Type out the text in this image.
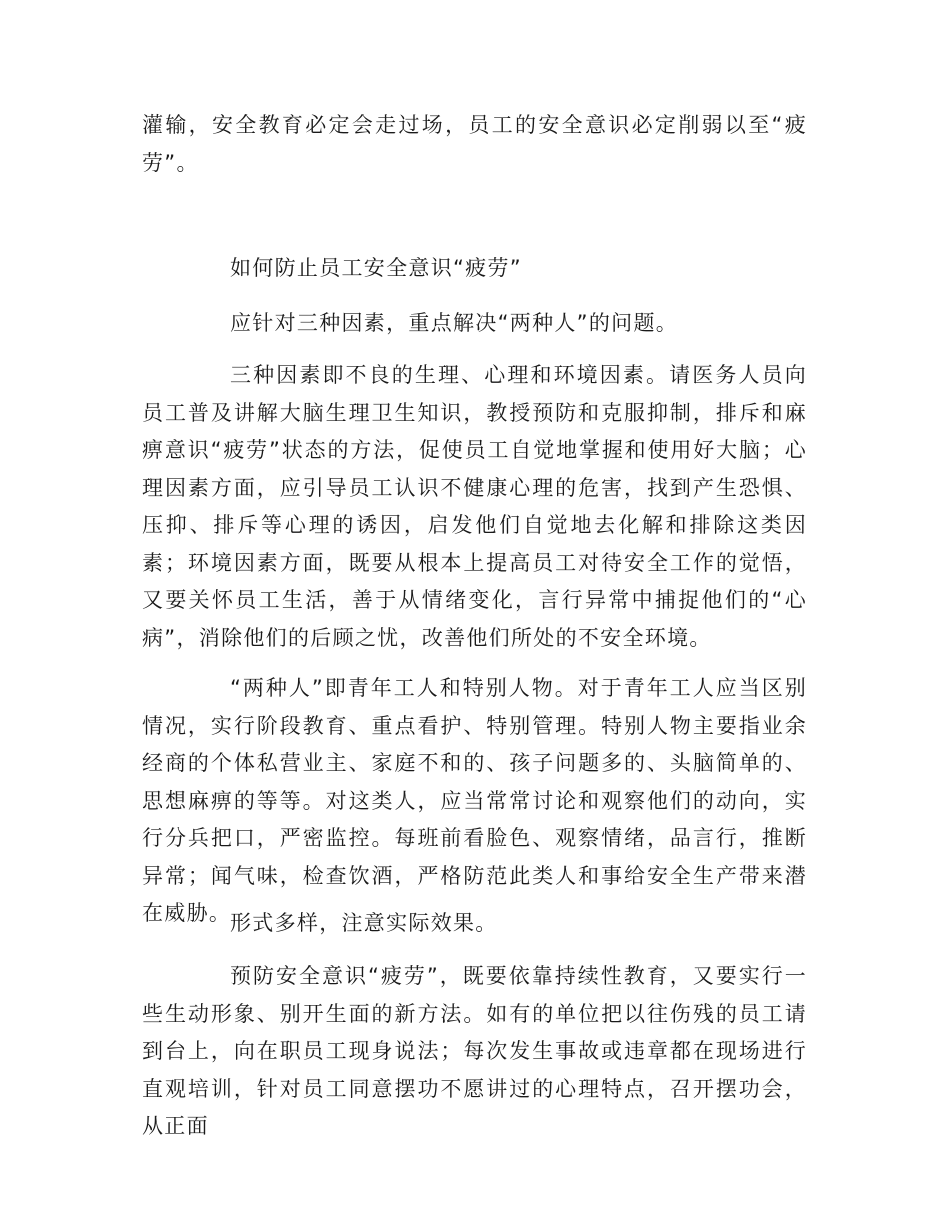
灌输，安全教育必定会走过场，员工的安全意识必定削弱以至“疲劳”。

如何防止员工安全意识“疲劳”

应针对三种因素，重点解决“两种人”的问题。

三种因素即不良的生理、心理和环境因素。请医务人员向员工普及讲解大脑生理卫生知识，教授预防和克服抑制，排斥和麻痹意识“疲劳”状态的方法，促使员工自觉地掌握和使用好大脑；心理因素方面，应引导员工认识不健康心理的危害，找到产生恐惧、压抑、排斥等心理的诱因，启发他们自觉地去化解和排除这类因素；环境因素方面，既要从根本上提高员工对待安全工作的觉悟，又要关怀员工生活，善于从情绪变化，言行异常中捕捉他们的“心病”，消除他们的后顾之忧，改善他们所处的不安全环境。

“两种人”即青年工人和特别人物。对于青年工人应当区别情况，实行阶段教育、重点看护、特别管理。特别人物主要指业余经商的个体私营业主、家庭不和的、孩子问题多的、头脑简单的、思想麻痹的等等。对这类人，应当常常讨论和观察他们的动向，实行分兵把口，严密监控。每班前看脸色、观察情绪，品言行，推断异常；闻气味，检查饮酒，严格防范此类人和事给安全生产带来潜在威胁。

形式多样，注意实际效果。

预防安全意识“疲劳”，既要依靠持续性教育，又要实行一些生动形象、别开生面的新方法。如有的单位把以往伤残的员工请到台上，向在职员工现身说法；每次发生事故或违章都在现场进行直观培训，针对员工同意摆功不愿讲过的心理特点，召开摆功会，从正面
